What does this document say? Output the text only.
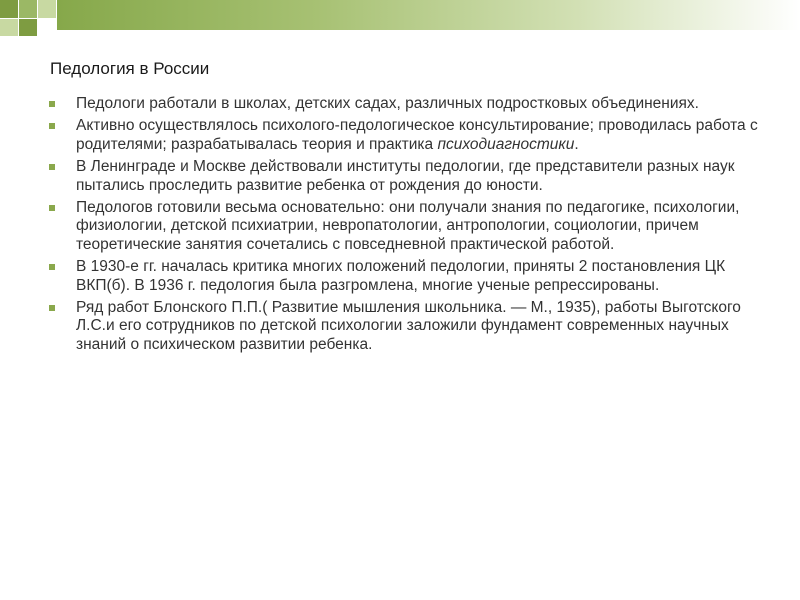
Педология в России
Педологи работали в школах, детских садах, различных подростковых объединениях.
Активно осуществлялось психолого-педологическое консультирование; проводилась работа с родителями; разрабатывалась теория и практика психодиагностики.
В Ленинграде и Москве действовали институты педологии, где представители разных наук пытались проследить развитие ребенка от рождения до юности.
Педологов готовили весьма основательно: они получали знания по педагогике, психологии, физиологии, детской психиатрии, невропатологии, антропологии, социологии, причем теоретические занятия сочетались с повседневной практической работой.
В 1930-е гг. началась критика многих положений педологии, приняты 2 постановления ЦК ВКП(б). В 1936 г. педология была разгромлена, многие ученые репрессированы.
Ряд работ Блонского П.П.( Развитие мышления школьника. — М., 1935), работы Выготского Л.С.и его сотрудников по детской психологии заложили фундамент современных научных знаний о психическом развитии ребенка.
